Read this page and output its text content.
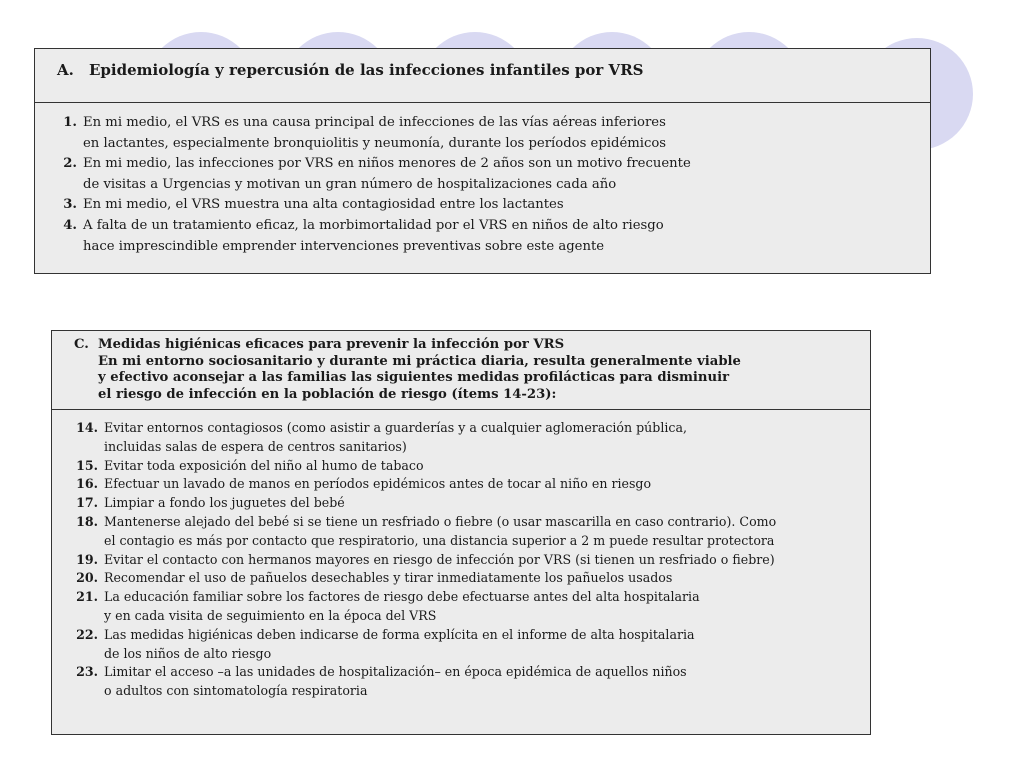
A.	Epidemiología y repercusión de las infecciones infantiles por VRS
1. En mi medio, el VRS es una causa principal de infecciones de las vías aéreas inferiores
en lactantes, especialmente bronquiolitis y neumonía, durante los períodos epidémicos
2. En mi medio, las infecciones por VRS en niños menores de 2 años son un motivo frecuente
de visitas a Urgencias y motivan un gran número de hospitalizaciones cada año
3. En mi medio, el VRS muestra una alta contagiosidad entre los lactantes
4. A falta de un tratamiento eficaz, la morbimortalidad por el VRS en niños de alto riesgo
hace imprescindible emprender intervenciones preventivas sobre este agente
C. Medidas higiénicas eficaces para prevenir la infección por VRS
En mi entorno sociosanitario y durante mi práctica diaria, resulta generalmente viable
y efectivo aconsejar a las familias las siguientes medidas profilácticas para disminuir
el riesgo de infección en la población de riesgo (ítems 14-23):
14. Evitar entornos contagiosos (como asistir a guarderías y a cualquier aglomeración pública,
incluidas salas de espera de centros sanitarios)
15. Evitar toda exposición del niño al humo de tabaco
16. Efectuar un lavado de manos en períodos epidémicos antes de tocar al niño en riesgo
17. Limpiar a fondo los juguetes del bebé
18. Mantenerse alejado del bebé si se tiene un resfriado o fiebre (o usar mascarilla en caso contrario). Como
el contagio es más por contacto que respiratorio, una distancia superior a 2 m puede resultar protectora
19. Evitar el contacto con hermanos mayores en riesgo de infección por VRS (si tienen un resfriado o fiebre)
20. Recomendar el uso de pañuelos desechables y tirar inmediatamente los pañuelos usados
21. La educación familiar sobre los factores de riesgo debe efectuarse antes del alta hospitalaria
y en cada visita de seguimiento en la época del VRS
22. Las medidas higiénicas deben indicarse de forma explícita en el informe de alta hospitalaria
de los niños de alto riesgo
23. Limitar el acceso –a las unidades de hospitalización– en época epidémica de aquellos niños
o adultos con sintomatología respiratoria
